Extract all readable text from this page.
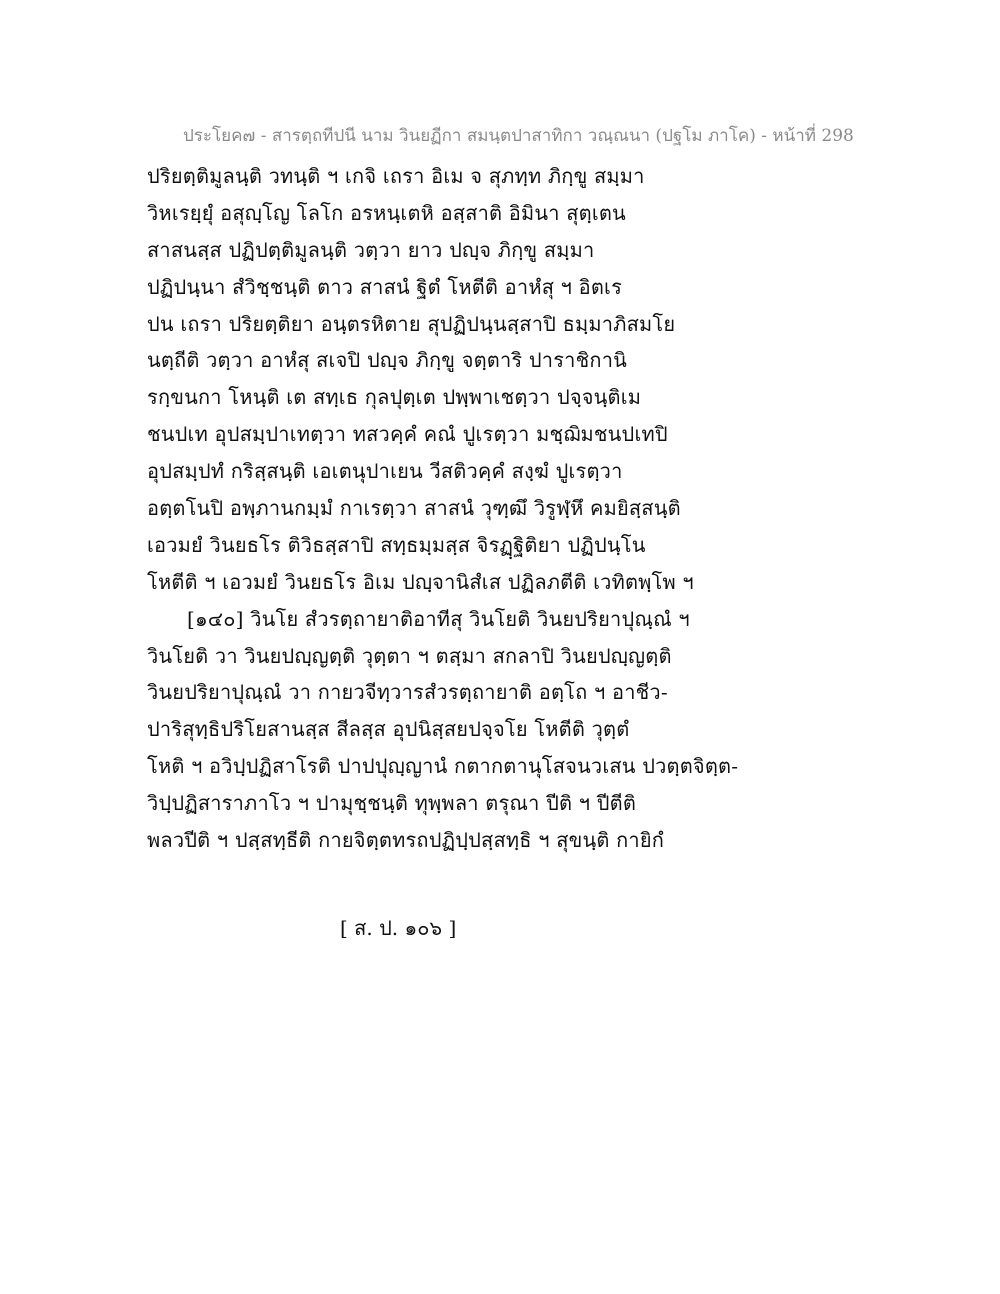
ประโยค๗ - สารตฺถทีปนี นาม วินยฏีกา สมนฺตปาสาทิกา วณฺณนา (ปฐโม ภาโค) - หน้าที่ 298
ปริยตฺติมูลนฺติ วทนฺติ ฯ เกจิ เถรา อิเม จ สุภทฺท ภิกฺขู สมฺมา
วิหเรยฺยุํ อสุญฺโญ โลโก อรหนฺเตหิ อสฺสาติ อิมินา สุตฺเตน
สาสนสฺส ปฏิปตฺติมูลนฺติ วตฺวา ยาว ปญฺจ ภิกฺขู สมฺมา
ปฏิปนฺนา สํวิชฺชนฺติ ตาว สาสนํ ฐิตํ โหตีติ อาหํสุ ฯ อิตเร
ปน เถรา ปริยตฺติยา อนฺตรหิตาย สุปฏิปนฺนสฺสาปิ ธมฺมาภิสมโย
นตฺถีติ วตฺวา อาหํสุ สเจปิ ปญฺจ ภิกฺขู จตฺตาริ ปาราชิกานิ
รกฺขนกา โหนฺติ เต สทฺเธ กุลปุตฺเต ปพฺพาเชตฺวา ปจฺจนฺติเม
ชนปเท อุปสมฺปาเทตฺวา ทสวคฺคํ คณํ ปูเรตฺวา มชฺฌิมชนปเทปิ
อุปสมฺปทํ กริสฺสนฺติ เอเตนุปาเยน วีสติวคฺคํ สงฺฆํ ปูเรตฺวา
อตฺตโนปิ อพฺภานกมฺมํ กาเรตฺวา สาสนํ วุฑฺฒึ วิรูฬฺหึ คมยิสฺสนฺติ
เอวมยํ วินยธโร ติวิธสฺสาปิ สทฺธมฺมสฺส จิรฏฺฐิติยา ปฏิปนฺโน
โหตีติ ฯ เอวมยํ วินยธโร อิเม ปญฺจานิสํเส ปฏิลภตีติ เวทิตพฺโพ ฯ
[๑๔๐] วินโย สํวรตฺถายาติอาทีสุ วินโยติ วินยปริยาปุณฺณํ ฯ
วินโยติ วา วินยปญฺญตฺติ วุตฺตา ฯ ตสฺมา สกลาปิ วินยปญฺญตฺติ
วินยปริยาปุณฺณํ วา กายวจีทฺวารสํวรตฺถายาติ อตฺโถ ฯ อาชีว-
ปาริสุทฺธิปริโยสานสฺส สีลสฺส อุปนิสฺสยปจฺจโย โหตีติ วุตฺตํ
โหติ ฯ อวิปฺปฏิสาโรติ ปาปปุญฺญานํ กตากตานุโสจนวเสน ปวตฺตจิตฺต-
วิปฺปฏิสาราภาโว ฯ ปามุชฺชนฺติ ทุพฺพลา ตรุณา ปีติ ฯ ปีตีติ
พลวปีติ ฯ ปสฺสทฺธีติ กายจิตฺตทรถปฏิปฺปสฺสทฺธิ ฯ สุขนฺติ กายิกํ
[ ส. ป. ๑๐๖ ]
